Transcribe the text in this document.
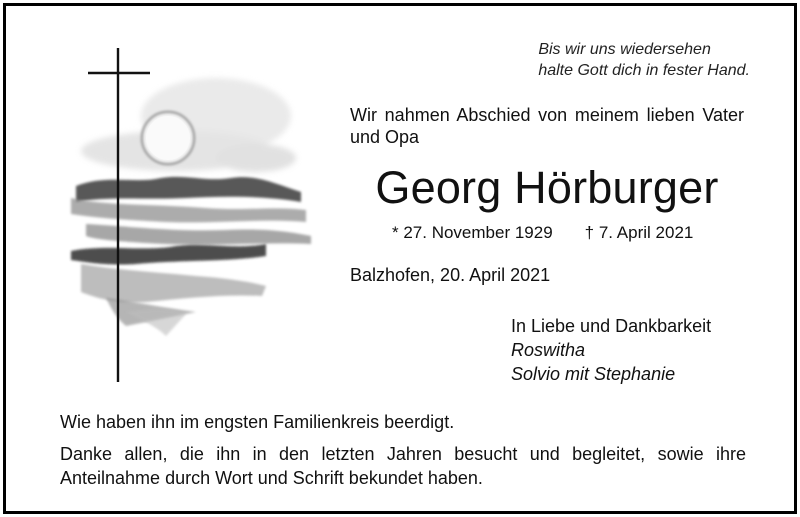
Bis wir uns wiedersehen
halte Gott dich in fester Hand.
Wir nahmen Abschied von meinem lieben Vater und Opa
Georg Hörburger
* 27. November 1929 † 7. April 2021
Balzhofen, 20. April 2021
In Liebe und Dankbarkeit
Roswitha
Solvio mit Stephanie

Wie haben ihn im engsten Familienkreis beerdigt.

Danke allen, die ihn in den letzten Jahren besucht und begleitet, sowie ihre Anteilnahme durch Wort und Schrift bekundet haben.
